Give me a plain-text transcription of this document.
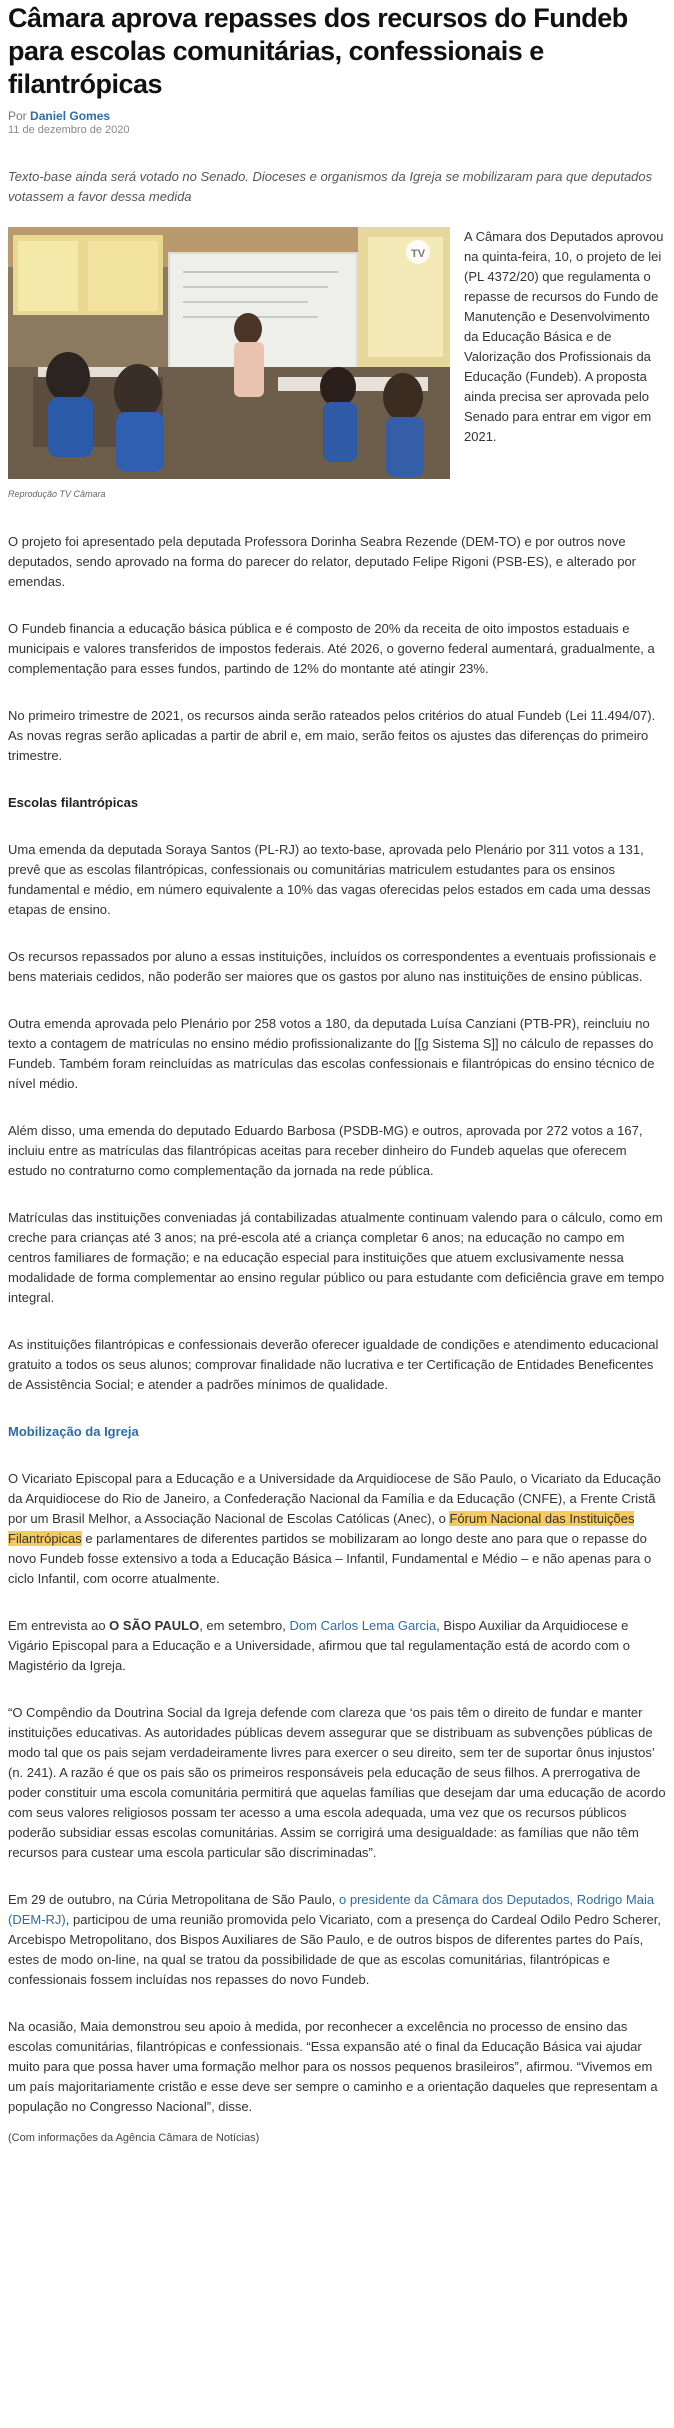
Câmara aprova repasses dos recursos do Fundeb para escolas comunitárias, confessionais e filantrópicas
Por Daniel Gomes
11 de dezembro de 2020
Texto-base ainda será votado no Senado. Dioceses e organismos da Igreja se mobilizaram para que deputados votassem a favor dessa medida
TV
Reprodução TV Câmara
A Câmara dos Deputados aprovou na quinta-feira, 10, o projeto de lei (PL 4372/20) que regulamenta o repasse de recursos do Fundo de Manutenção e Desenvolvimento da Educação Básica e de Valorização dos Profissionais da Educação (Fundeb). A proposta ainda precisa ser aprovada pelo Senado para entrar em vigor em 2021.

O projeto foi apresentado pela deputada Professora Dorinha Seabra Rezende (DEM-TO) e por outros nove deputados, sendo aprovado na forma do parecer do relator, deputado Felipe Rigoni (PSB-ES), e alterado por emendas.

O Fundeb financia a educação básica pública e é composto de 20% da receita de oito impostos estaduais e municipais e valores transferidos de impostos federais. Até 2026, o governo federal aumentará, gradualmente, a complementação para esses fundos, partindo de 12% do montante até atingir 23%.

No primeiro trimestre de 2021, os recursos ainda serão rateados pelos critérios do atual Fundeb (Lei 11.494/07). As novas regras serão aplicadas a partir de abril e, em maio, serão feitos os ajustes das diferenças do primeiro trimestre.

Escolas filantrópicas

Uma emenda da deputada Soraya Santos (PL-RJ) ao texto-base, aprovada pelo Plenário por 311 votos a 131, prevê que as escolas filantrópicas, confessionais ou comunitárias matriculem estudantes para os ensinos fundamental e médio, em número equivalente a 10% das vagas oferecidas pelos estados em cada uma dessas etapas de ensino.

Os recursos repassados por aluno a essas instituições, incluídos os correspondentes a eventuais profissionais e bens materiais cedidos, não poderão ser maiores que os gastos por aluno nas instituições de ensino públicas.

Outra emenda aprovada pelo Plenário por 258 votos a 180, da deputada Luísa Canziani (PTB-PR), reincluiu no texto a contagem de matrículas no ensino médio profissionalizante do [[g Sistema S]] no cálculo de repasses do Fundeb. Também foram reincluídas as matrículas das escolas confessionais e filantrópicas do ensino técnico de nível médio.

Além disso, uma emenda do deputado Eduardo Barbosa (PSDB-MG) e outros, aprovada por 272 votos a 167, incluiu entre as matrículas das filantrópicas aceitas para receber dinheiro do Fundeb aquelas que oferecem estudo no contraturno como complementação da jornada na rede pública.

Matrículas das instituições conveniadas já contabilizadas atualmente continuam valendo para o cálculo, como em creche para crianças até 3 anos; na pré-escola até a criança completar 6 anos; na educação no campo em centros familiares de formação; e na educação especial para instituições que atuem exclusivamente nessa modalidade de forma complementar ao ensino regular público ou para estudante com deficiência grave em tempo integral.

As instituições filantrópicas e confessionais deverão oferecer igualdade de condições e atendimento educacional gratuito a todos os seus alunos; comprovar finalidade não lucrativa e ter Certificação de Entidades Beneficentes de Assistência Social; e atender a padrões mínimos de qualidade.

Mobilização da Igreja

O Vicariato Episcopal para a Educação e a Universidade da Arquidiocese de São Paulo, o Vicariato da Educação da Arquidiocese do Rio de Janeiro, a Confederação Nacional da Família e da Educação (CNFE), a Frente Cristã por um Brasil Melhor, a Associação Nacional de Escolas Católicas (Anec), o Fórum Nacional das Instituições Filantrópicas e parlamentares de diferentes partidos se mobilizaram ao longo deste ano para que o repasse do novo Fundeb fosse extensivo a toda a Educação Básica – Infantil, Fundamental e Médio – e não apenas para o ciclo Infantil, com ocorre atualmente.

Em entrevista ao O SÃO PAULO, em setembro, Dom Carlos Lema Garcia, Bispo Auxiliar da Arquidiocese e Vigário Episcopal para a Educação e a Universidade, afirmou que tal regulamentação está de acordo com o Magistério da Igreja.

“O Compêndio da Doutrina Social da Igreja defende com clareza que ‘os pais têm o direito de fundar e manter instituições educativas. As autoridades públicas devem assegurar que se distribuam as subvenções públicas de modo tal que os pais sejam verdadeiramente livres para exercer o seu direito, sem ter de suportar ônus injustos’ (n. 241). A razão é que os pais são os primeiros responsáveis pela educação de seus filhos. A prerrogativa de poder constituir uma escola comunitária permitirá que aquelas famílias que desejam dar uma educação de acordo com seus valores religiosos possam ter acesso a uma escola adequada, uma vez que os recursos públicos poderão subsidiar essas escolas comunitárias. Assim se corrigirá uma desigualdade: as famílias que não têm recursos para custear uma escola particular são discriminadas”.

Em 29 de outubro, na Cúria Metropolitana de São Paulo, o presidente da Câmara dos Deputados, Rodrigo Maia (DEM-RJ), participou de uma reunião promovida pelo Vicariato, com a presença do Cardeal Odilo Pedro Scherer, Arcebispo Metropolitano, dos Bispos Auxiliares de São Paulo, e de outros bispos de diferentes partes do País, estes de modo on-line, na qual se tratou da possibilidade de que as escolas comunitárias, filantrópicas e confessionais fossem incluídas nos repasses do novo Fundeb.

Na ocasião, Maia demonstrou seu apoio à medida, por reconhecer a excelência no processo de ensino das escolas comunitárias, filantrópicas e confessionais. “Essa expansão até o final da Educação Básica vai ajudar muito para que possa haver uma formação melhor para os nossos pequenos brasileiros”, afirmou. “Vivemos em um país majoritariamente cristão e esse deve ser sempre o caminho e a orientação daqueles que representam a população no Congresso Nacional”, disse.

(Com informações da Agência Câmara de Notícias)
